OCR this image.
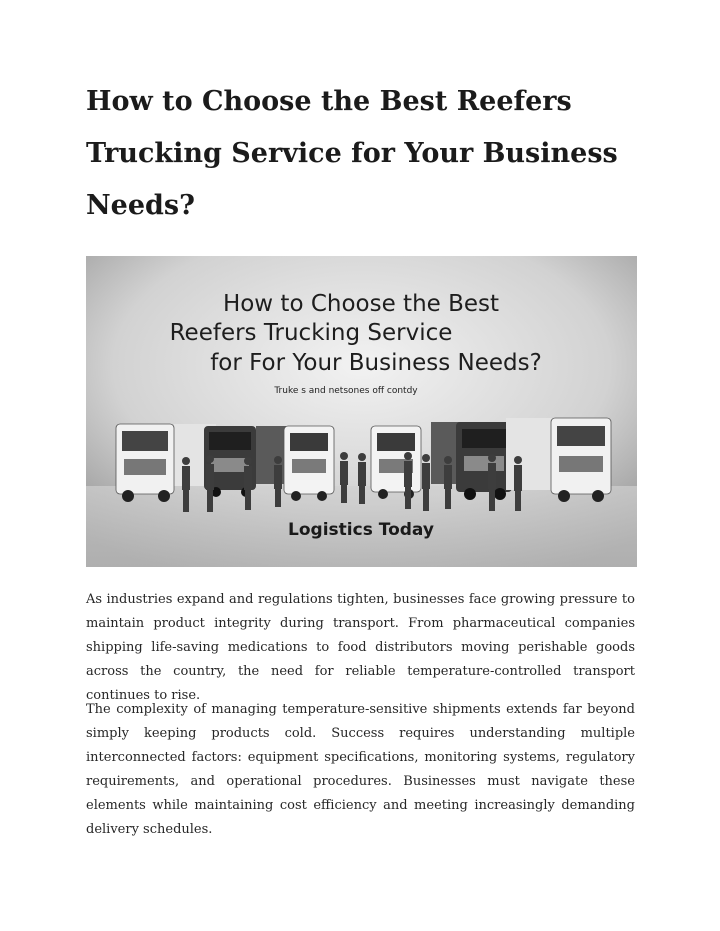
How to Choose the Best Reefers Trucking Service for Your Business Needs?
How to Choose the Best
Reefers Trucking Service
for For Your Business Needs?
Truke s and netsones off contdy
Logistics Today

As industries expand and regulations tighten, businesses face growing pressure to maintain product integrity during transport. From pharmaceutical companies shipping life-saving medications to food distributors moving perishable goods across the country, the need for reliable temperature-controlled transport continues to rise.

The complexity of managing temperature-sensitive shipments extends far beyond simply keeping products cold. Success requires understanding multiple interconnected factors: equipment specifications, monitoring systems, regulatory requirements, and operational procedures. Businesses must navigate these elements while maintaining cost efficiency and meeting increasingly demanding delivery schedules.
